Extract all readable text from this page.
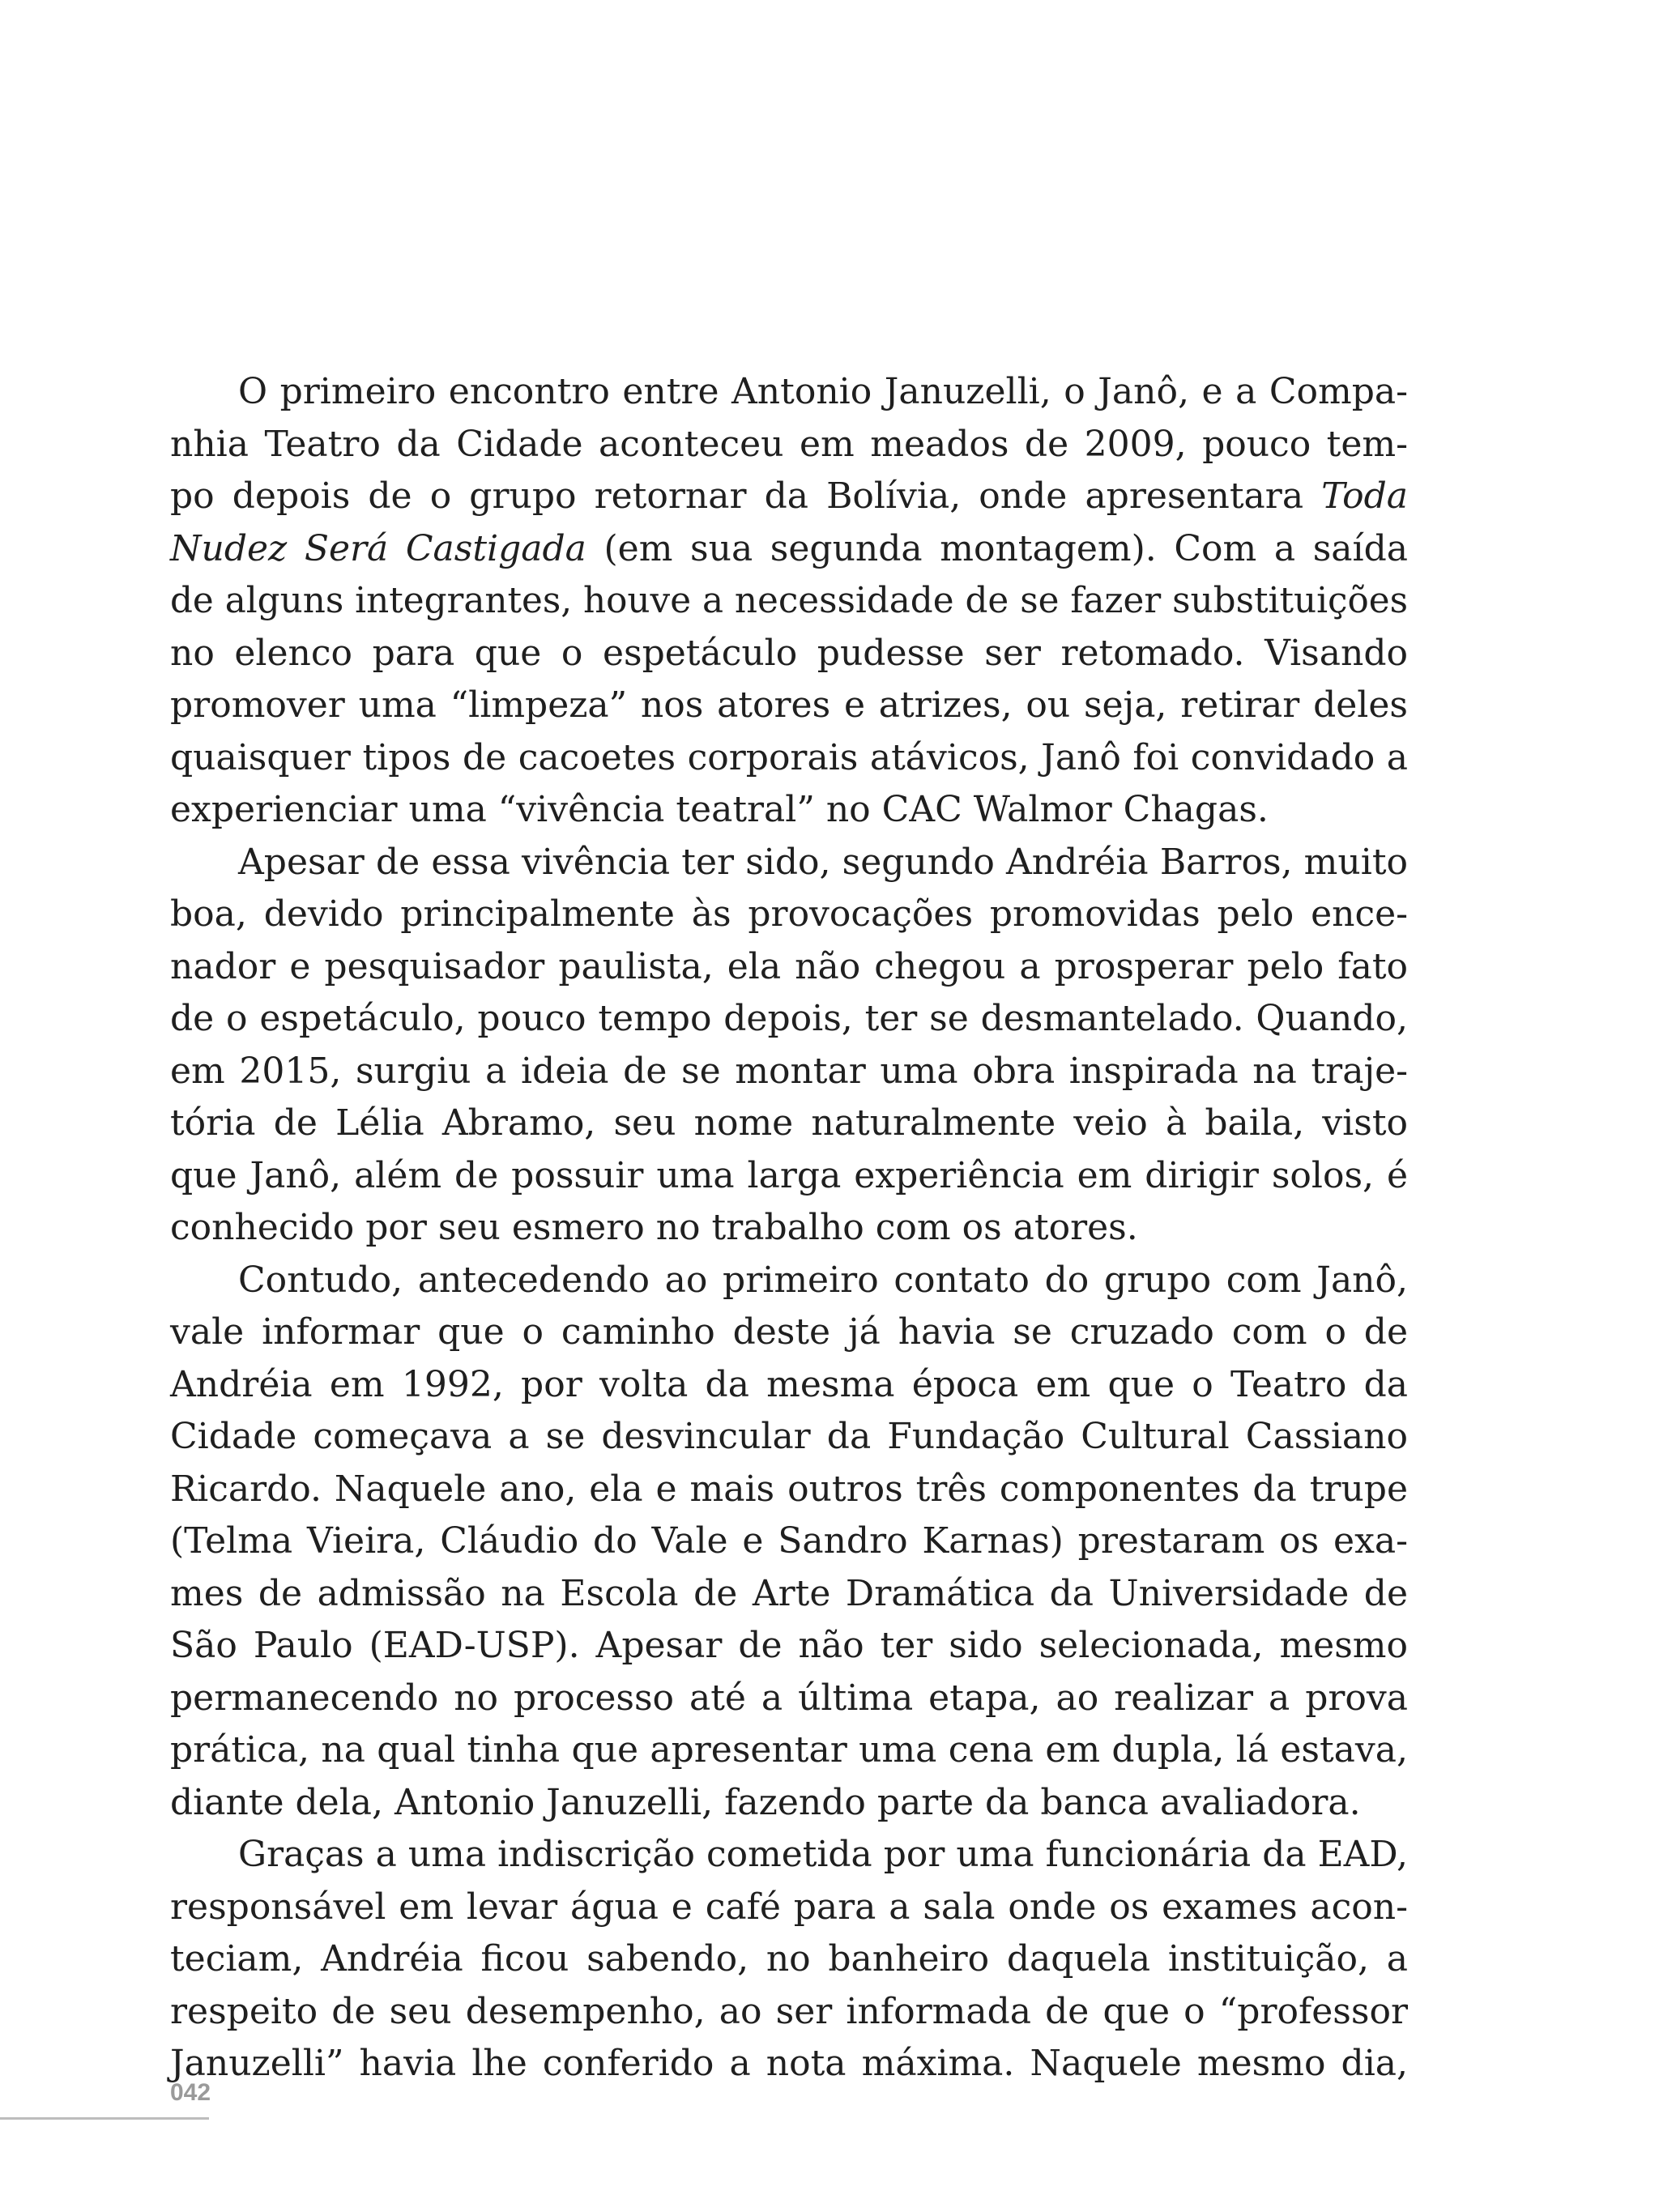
O primeiro encontro entre Antonio Januzelli, o Janô, e a Compa-
nhia Teatro da Cidade aconteceu em meados de 2009, pouco tem-
po depois de o grupo retornar da Bolívia, onde apresentara Toda
Nudez Será Castigada (em sua segunda montagem). Com a saída
de alguns integrantes, houve a necessidade de se fazer substituições
no elenco para que o espetáculo pudesse ser retomado. Visando
promover uma “limpeza” nos atores e atrizes, ou seja, retirar deles
quaisquer tipos de cacoetes corporais atávicos, Janô foi convidado a
experienciar uma “vivência teatral” no CAC Walmor Chagas.

Apesar de essa vivência ter sido, segundo Andréia Barros, muito
boa, devido principalmente às provocações promovidas pelo ence-
nador e pesquisador paulista, ela não chegou a prosperar pelo fato
de o espetáculo, pouco tempo depois, ter se desmantelado. Quando,
em 2015, surgiu a ideia de se montar uma obra inspirada na traje-
tória de Lélia Abramo, seu nome naturalmente veio à baila, visto
que Janô, além de possuir uma larga experiência em dirigir solos, é
conhecido por seu esmero no trabalho com os atores.

Contudo, antecedendo ao primeiro contato do grupo com Janô,
vale informar que o caminho deste já havia se cruzado com o de
Andréia em 1992, por volta da mesma época em que o Teatro da
Cidade começava a se desvincular da Fundação Cultural Cassiano
Ricardo. Naquele ano, ela e mais outros três componentes da trupe
(Telma Vieira, Cláudio do Vale e Sandro Karnas) prestaram os exa-
mes de admissão na Escola de Arte Dramática da Universidade de
São Paulo (EAD-USP). Apesar de não ter sido selecionada, mesmo
permanecendo no processo até a última etapa, ao realizar a prova
prática, na qual tinha que apresentar uma cena em dupla, lá estava,
diante dela, Antonio Januzelli, fazendo parte da banca avaliadora.

Graças a uma indiscrição cometida por uma funcionária da EAD,
responsável em levar água e café para a sala onde os exames acon-
teciam, Andréia ficou sabendo, no banheiro daquela instituição, a
respeito de seu desempenho, ao ser informada de que o “professor
Januzelli” havia lhe conferido a nota máxima. Naquele mesmo dia,

042
